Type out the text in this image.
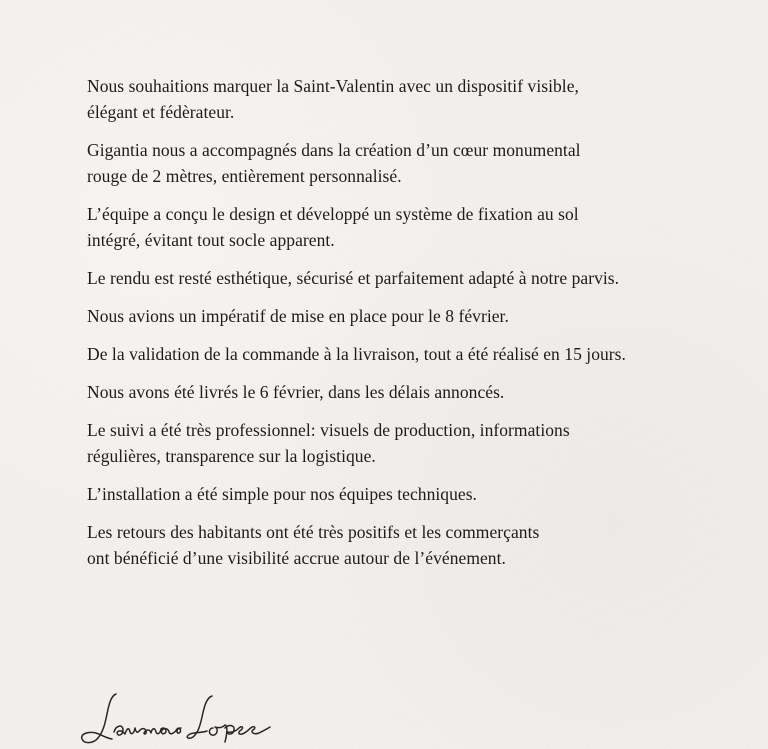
Nous souhaitions marquer la Saint-Valentin avec un dispositif visible,
élégant et fédèrateur.

Gigantia nous a accompagnés dans la création d’un cœur monumental
rouge de 2 mètres, entièrement personnalisé.

L’équipe a conçu le design et développé un système de fixation au sol
intégré, évitant tout socle apparent.

Le rendu est resté esthétique, sécurisé et parfaitement adapté à notre parvis.

Nous avions un impératif de mise en place pour le 8 février.

De la validation de la commande à la livraison, tout a été réalisé en 15 jours.

Nous avons été livrés le 6 février, dans les délais annoncés.

Le suivi a été très professionnel: visuels de production, informations
régulières, transparence sur la logistique.

L’installation a été simple pour nos équipes techniques.

Les retours des habitants ont été très positifs et les commerçants
ont bénéficié d’une visibilité accrue autour de l’événement.
